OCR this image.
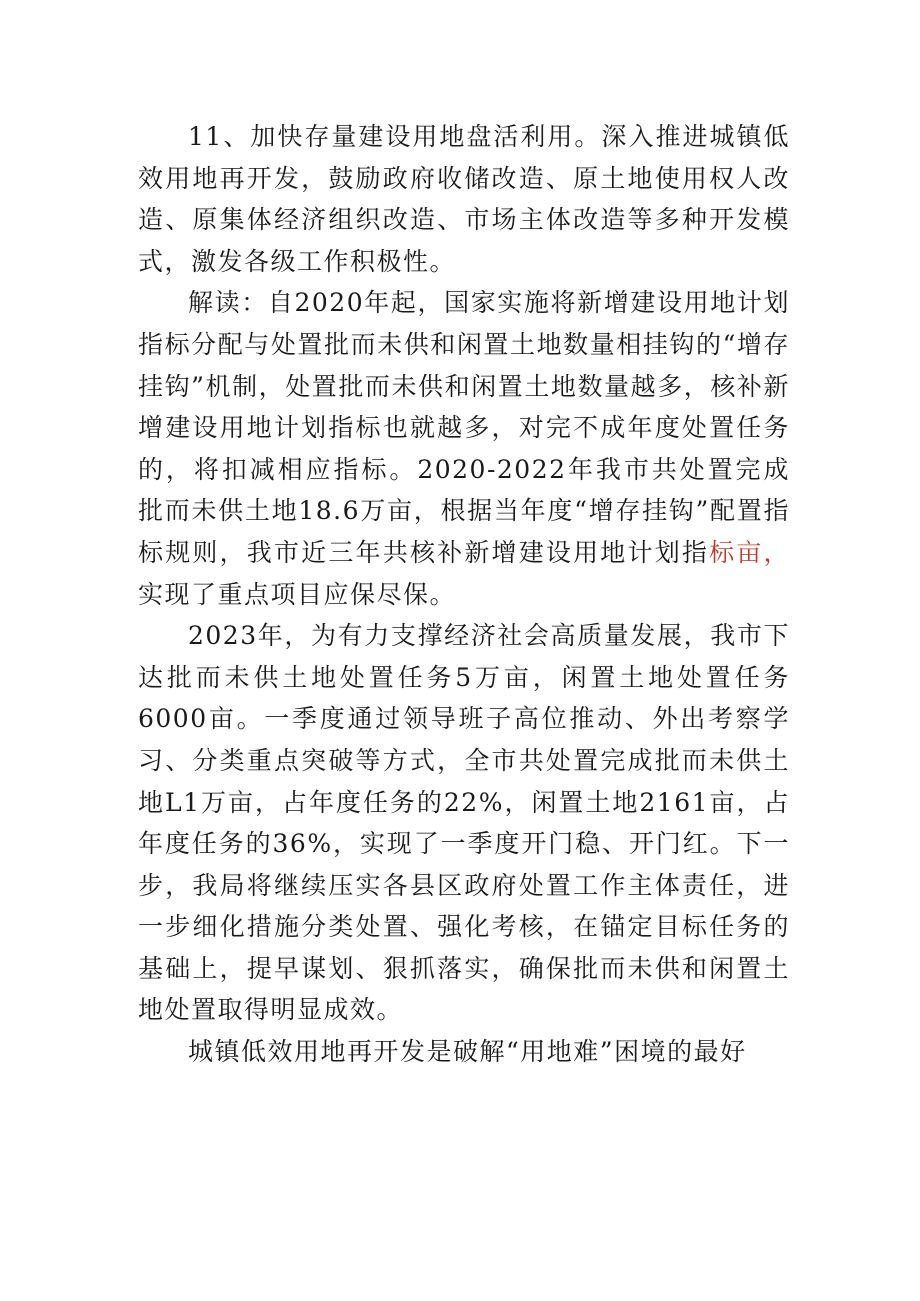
11、加快存量建设用地盘活利用。深入推进城镇低效用地再开发，鼓励政府收储改造、原土地使用权人改造、原集体经济组织改造、市场主体改造等多种开发模式，激发各级工作积极性。

解读：自2020年起，国家实施将新增建设用地计划指标分配与处置批而未供和闲置土地数量相挂钩的“增存挂钩”机制，处置批而未供和闲置土地数量越多，核补新增建设用地计划指标也就越多，对完不成年度处置任务的，将扣减相应指标。2020-2022年我市共处置完成批而未供土地18.6万亩，根据当年度“增存挂钩”配置指标规则，我市近三年共核补新增建设用地计划指标亩，实现了重点项目应保尽保。

2023年，为有力支撑经济社会高质量发展，我市下达批而未供土地处置任务5万亩，闲置土地处置任务6000亩。一季度通过领导班子高位推动、外出考察学习、分类重点突破等方式，全市共处置完成批而未供土地L1万亩，占年度任务的22%，闲置土地2161亩，占年度任务的36%，实现了一季度开门稳、开门红。下一步，我局将继续压实各县区政府处置工作主体责任，进一步细化措施分类处置、强化考核，在锚定目标任务的基础上，提早谋划、狠抓落实，确保批而未供和闲置土地处置取得明显成效。

城镇低效用地再开发是破解“用地难”困境的最好
